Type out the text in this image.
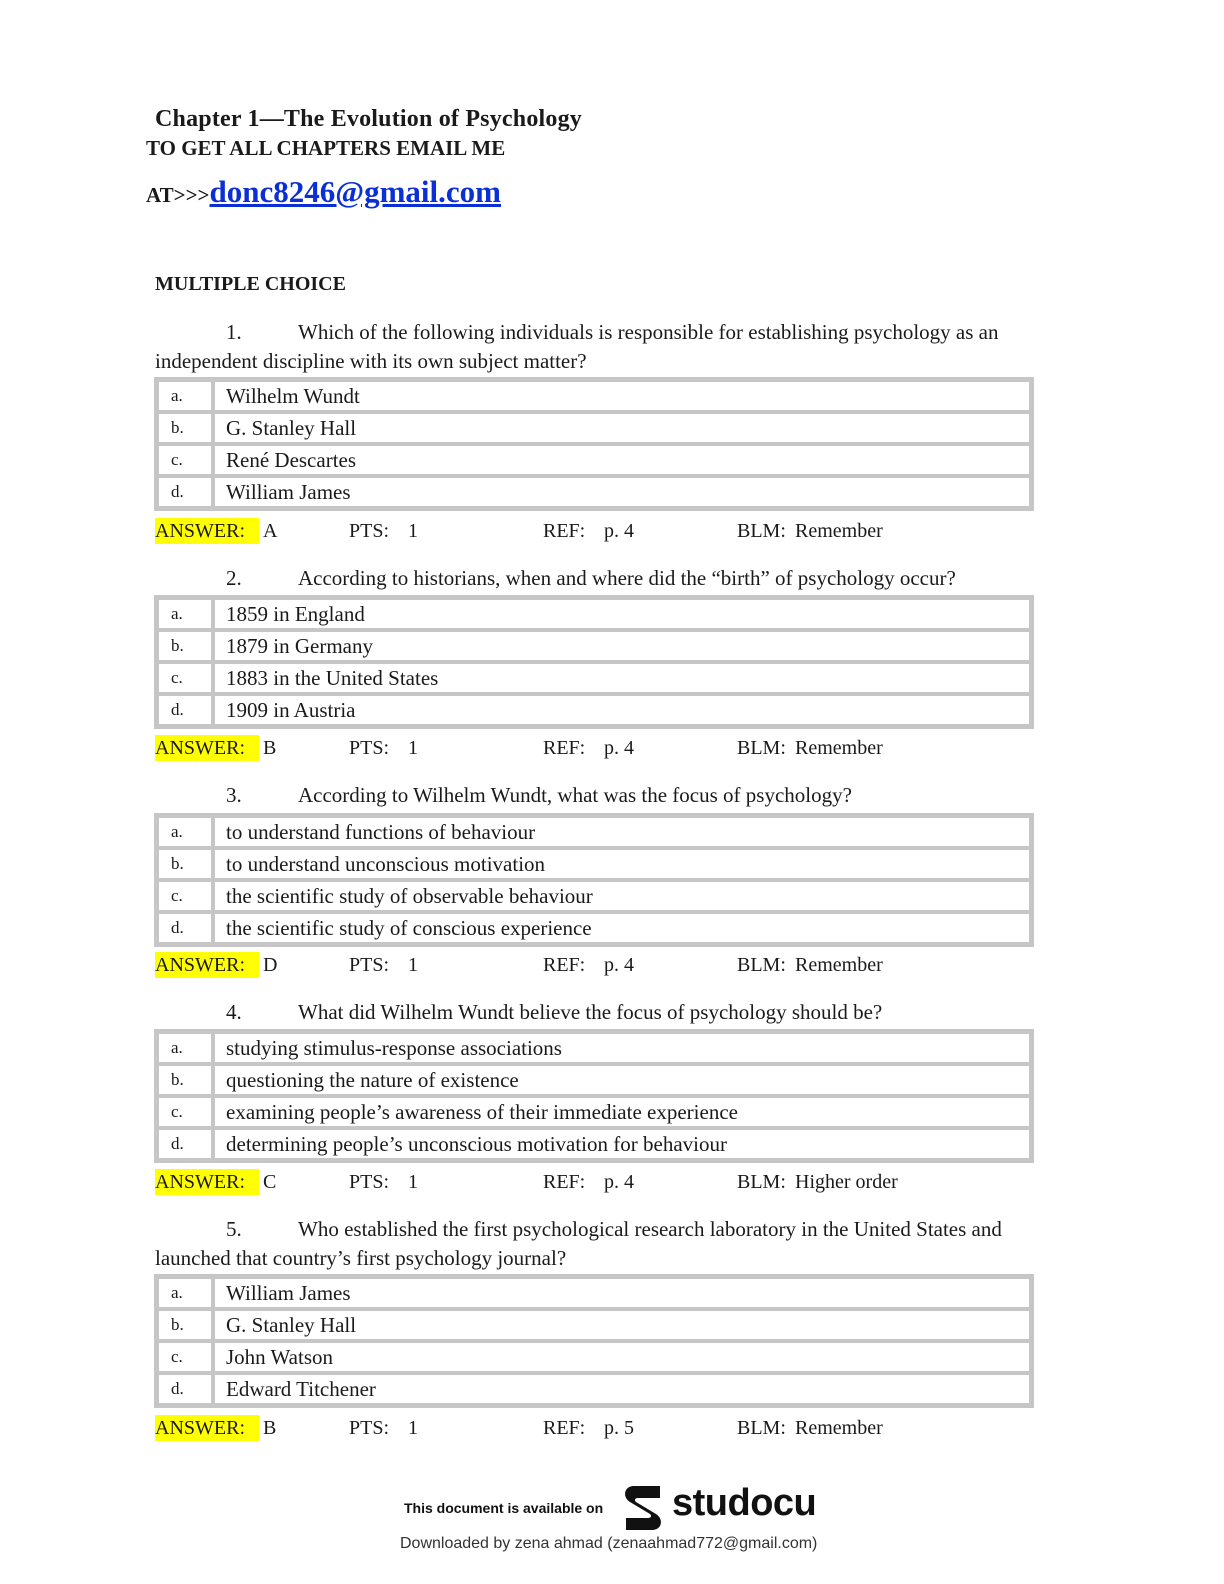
Chapter 1—The Evolution of Psychology
TO GET ALL CHAPTERS EMAIL ME
AT>>>donc8246@gmail.com
MULTIPLE CHOICE
1.	Which of the following individuals is responsible for establishing psychology as an independent discipline with its own subject matter?
a.	Wilhelm Wundt
b.	G. Stanley Hall
c.	René Descartes
d.	William James
ANSWER: A	PTS: 1	REF: p. 4	BLM: Remember
2.	According to historians, when and where did the “birth” of psychology occur?
a.	1859 in England
b.	1879 in Germany
c.	1883 in the United States
d.	1909 in Austria
ANSWER: B	PTS: 1	REF: p. 4	BLM: Remember
3.	According to Wilhelm Wundt, what was the focus of psychology?
a.	to understand functions of behaviour
b.	to understand unconscious motivation
c.	the scientific study of observable behaviour
d.	the scientific study of conscious experience
ANSWER: D	PTS: 1	REF: p. 4	BLM: Remember
4.	What did Wilhelm Wundt believe the focus of psychology should be?
a.	studying stimulus-response associations
b.	questioning the nature of existence
c.	examining people’s awareness of their immediate experience
d.	determining people’s unconscious motivation for behaviour
ANSWER: C	PTS: 1	REF: p. 4	BLM: Higher order
5.	Who established the first psychological research laboratory in the United States and launched that country’s first psychology journal?
a.	William James
b.	G. Stanley Hall
c.	John Watson
d.	Edward Titchener
ANSWER: B	PTS: 1	REF: p. 5	BLM: Remember
This document is available on studocu
Downloaded by zena ahmad (zenaahmad772@gmail.com)
